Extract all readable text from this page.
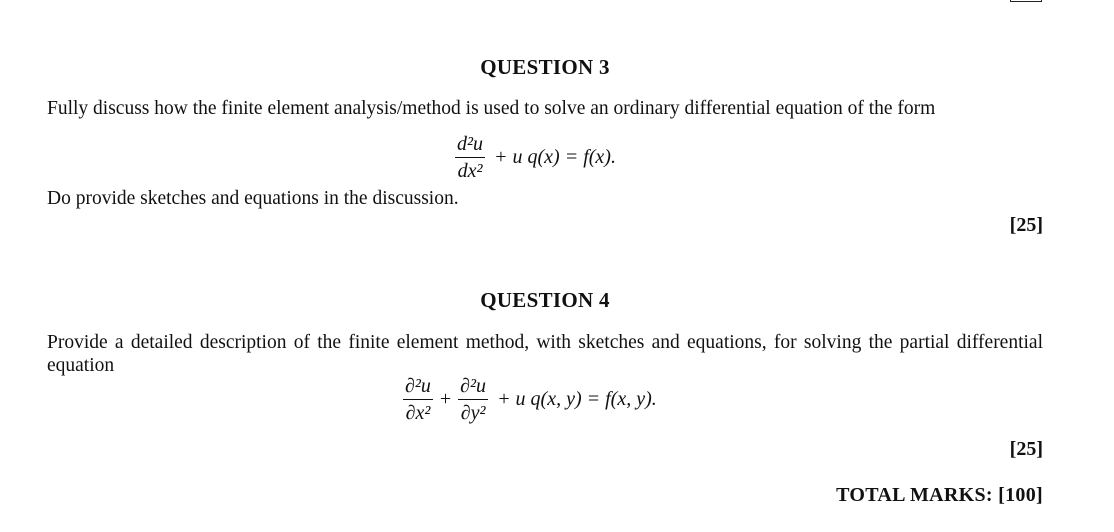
QUESTION 3
Fully discuss how the finite element analysis/method is used to solve an ordinary differential equation of the form
$\frac{\text{d²u}}{\text{dx²}} + u$ q(x) = f(x).
Do provide sketches and equations in the discussion.
[25]
QUESTION 4
Provide a detailed description of the finite element method, with sketches and equations, for solving the partial differential equation
$\frac{\text{∂²u}}{\text{∂x²}} + \frac{\text{∂²u}}{\text{∂y²}} + u$ q(x, y) = f(x, y).
[25]
TOTAL MARKS: [100]
